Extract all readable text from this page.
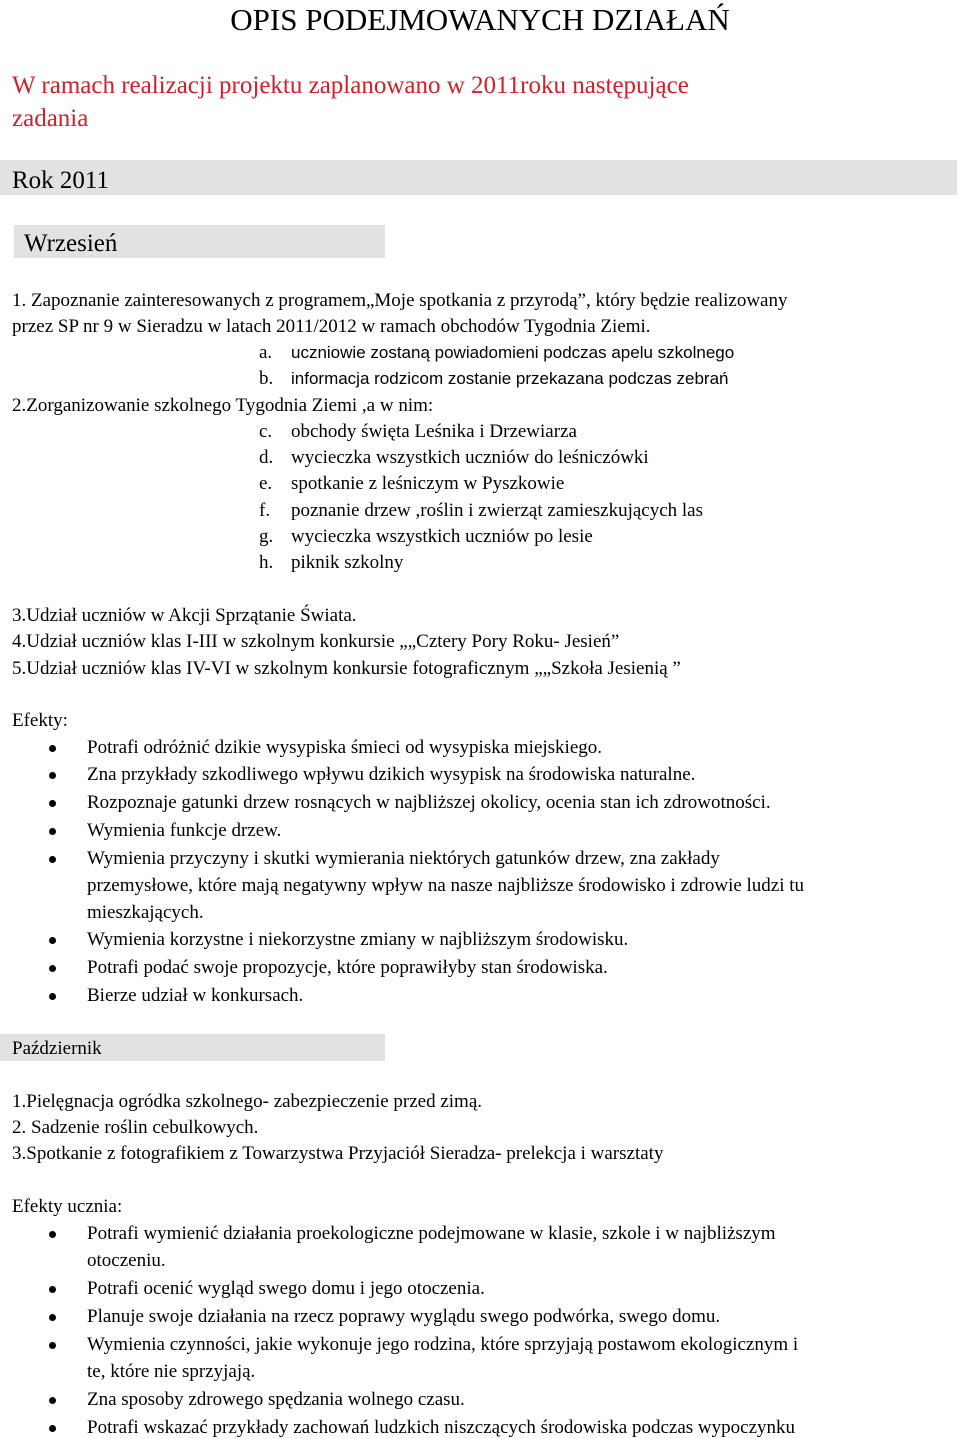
OPIS PODEJMOWANYCH DZIAŁAŃ
W ramach realizacji projektu zaplanowano w 2011roku następujące
zadania
Rok 2011
Wrzesień
1. Zapoznanie zainteresowanych z programem„Moje spotkania z przyrodą”, który będzie realizowany
przez SP nr 9 w Sieradzu w latach 2011/2012 w ramach obchodów Tygodnia Ziemi.
a. uczniowie zostaną powiadomieni podczas apelu szkolnego
b. informacja rodzicom zostanie przekazana podczas zebrań
2.Zorganizowanie szkolnego Tygodnia Ziemi ,a w nim:
c. obchody święta Leśnika i Drzewiarza
d. wycieczka wszystkich uczniów do leśniczówki
e. spotkanie z leśniczym w Pyszkowie
f. poznanie drzew ,roślin i zwierząt zamieszkujących las
g. wycieczka wszystkich uczniów po lesie
h. piknik szkolny
3.Udział uczniów w Akcji Sprzątanie Świata.
4.Udział uczniów klas I-III w szkolnym konkursie „„Cztery Pory Roku- Jesień”
5.Udział uczniów klas IV-VI w szkolnym konkursie fotograficznym „„Szkoła Jesienią ”
Efekty:
Potrafi odróżnić dzikie wysypiska śmieci od wysypiska miejskiego.
Zna przykłady szkodliwego wpływu dzikich wysypisk na środowiska naturalne.
Rozpoznaje gatunki drzew rosnących w najbliższej okolicy, ocenia stan ich zdrowotności.
Wymienia funkcje drzew.
Wymienia przyczyny i skutki wymierania niektórych gatunków drzew, zna zakłady
przemysłowe, które mają negatywny wpływ na nasze najbliższe środowisko i zdrowie ludzi tu
mieszkających.
Wymienia korzystne i niekorzystne zmiany w najbliższym środowisku.
Potrafi podać swoje propozycje, które poprawiłyby stan środowiska.
Bierze udział w konkursach.
Październik
1.Pielęgnacja ogródka szkolnego- zabezpieczenie przed zimą.
2. Sadzenie roślin cebulkowych.
3.Spotkanie z fotografikiem z Towarzystwa Przyjaciół Sieradza- prelekcja i warsztaty
Efekty ucznia:
Potrafi wymienić działania proekologiczne podejmowane w klasie, szkole i w najbliższym
otoczeniu.
Potrafi ocenić wygląd swego domu i jego otoczenia.
Planuje swoje działania na rzecz poprawy wyglądu swego podwórka, swego domu.
Wymienia czynności, jakie wykonuje jego rodzina, które sprzyjają postawom ekologicznym i
te, które nie sprzyjają.
Zna sposoby zdrowego spędzania wolnego czasu.
Potrafi wskazać przykłady zachowań ludzkich niszczących środowiska podczas wypoczynku
